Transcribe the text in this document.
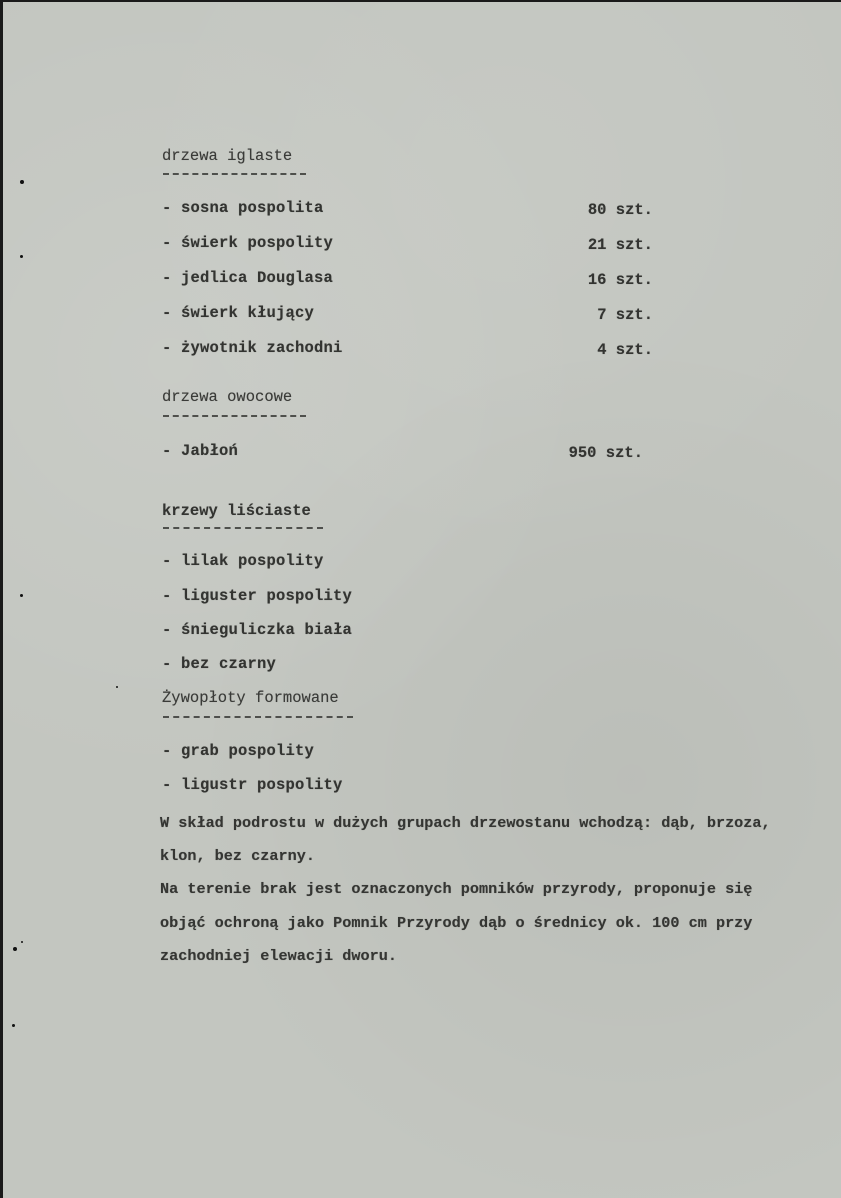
drzewa iglaste
- sosna pospolita	80 szt.
- świerk pospolity	21 szt.
- jedlica Douglasa	16 szt.
- świerk kłujący	7 szt.
- żywotnik zachodni	4 szt.
drzewa owocowe
- Jabłoń	950 szt.
krzewy liściaste
- lilak pospolity
- liguster pospolity
- śnieguliczka biała
- bez czarny
Żywopłoty formowane
- grab pospolity
- ligustr pospolity
W skład podrostu w dużych grupach drzewostanu wchodzą: dąb, brzoza,
klon, bez czarny.
Na terenie brak jest oznaczonych pomników przyrody, proponuje się
objąć ochroną jako Pomnik Przyrody dąb o średnicy ok. 100 cm przy
zachodniej elewacji dworu.
